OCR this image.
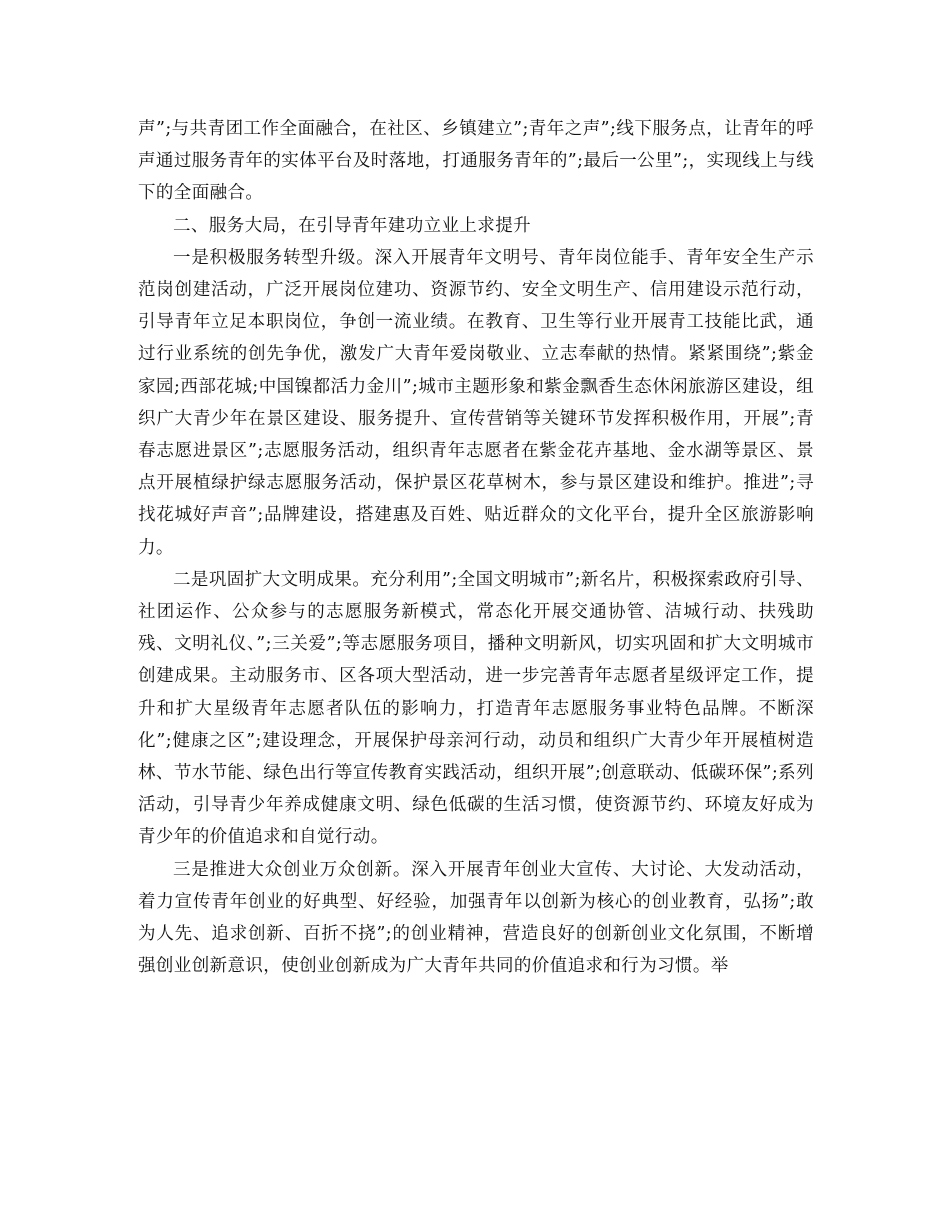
声”;与共青团工作全面融合，在社区、乡镇建立”;青年之声”;线下服务点，让青年的呼声通过服务青年的实体平台及时落地，打通服务青年的”;最后一公里”;，实现线上与线下的全面融合。

二、服务大局，在引导青年建功立业上求提升

一是积极服务转型升级。深入开展青年文明号、青年岗位能手、青年安全生产示范岗创建活动，广泛开展岗位建功、资源节约、安全文明生产、信用建设示范行动，引导青年立足本职岗位，争创一流业绩。在教育、卫生等行业开展青工技能比武，通过行业系统的创先争优，激发广大青年爱岗敬业、立志奉献的热情。紧紧围绕”;紫金家园;西部花城;中国镍都活力金川”;城市主题形象和紫金飘香生态休闲旅游区建设，组织广大青少年在景区建设、服务提升、宣传营销等关键环节发挥积极作用，开展”;青春志愿进景区”;志愿服务活动，组织青年志愿者在紫金花卉基地、金水湖等景区、景点开展植绿护绿志愿服务活动，保护景区花草树木，参与景区建设和维护。推进”;寻找花城好声音”;品牌建设，搭建惠及百姓、贴近群众的文化平台，提升全区旅游影响力。

二是巩固扩大文明成果。充分利用”;全国文明城市”;新名片，积极探索政府引导、社团运作、公众参与的志愿服务新模式，常态化开展交通协管、洁城行动、扶残助残、文明礼仪、”;三关爱”;等志愿服务项目，播种文明新风，切实巩固和扩大文明城市创建成果。主动服务市、区各项大型活动，进一步完善青年志愿者星级评定工作，提升和扩大星级青年志愿者队伍的影响力，打造青年志愿服务事业特色品牌。不断深化”;健康之区”;建设理念，开展保护母亲河行动，动员和组织广大青少年开展植树造林、节水节能、绿色出行等宣传教育实践活动，组织开展”;创意联动、低碳环保”;系列活动，引导青少年养成健康文明、绿色低碳的生活习惯，使资源节约、环境友好成为青少年的价值追求和自觉行动。

三是推进大众创业万众创新。深入开展青年创业大宣传、大讨论、大发动活动，着力宣传青年创业的好典型、好经验，加强青年以创新为核心的创业教育，弘扬”;敢为人先、追求创新、百折不挠”;的创业精神，营造良好的创新创业文化氛围，不断增强创业创新意识，使创业创新成为广大青年共同的价值追求和行为习惯。举
